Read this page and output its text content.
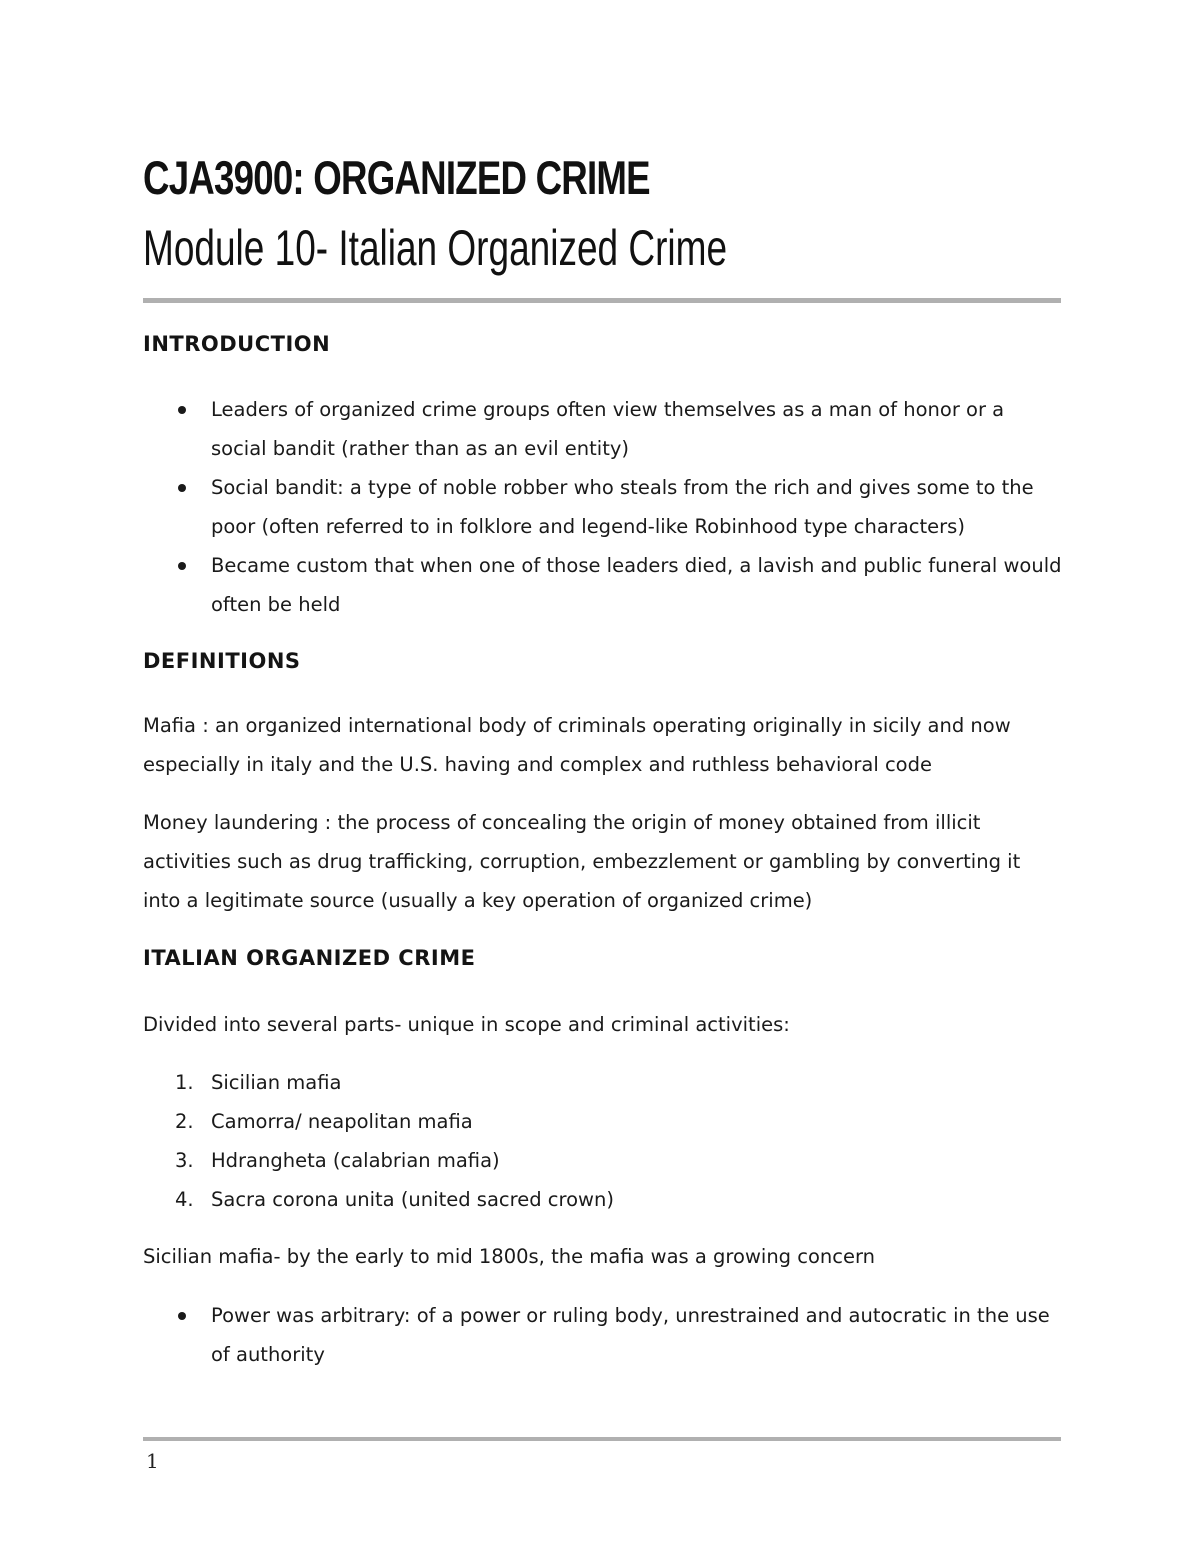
CJA3900: ORGANIZED CRIME
Module 10- Italian Organized Crime
INTRODUCTION
Leaders of organized crime groups often view themselves as a man of honor or a social bandit (rather than as an evil entity)
Social bandit: a type of noble robber who steals from the rich and gives some to the poor (often referred to in folklore and legend-like Robinhood type characters)
Became custom that when one of those leaders died, a lavish and public funeral would often be held
DEFINITIONS
Mafia : an organized international body of criminals operating originally in sicily and now especially in italy and the U.S. having and complex and ruthless behavioral code
Money laundering : the process of concealing the origin of money obtained from illicit activities such as drug trafficking, corruption, embezzlement or gambling by converting it into a legitimate source (usually a key operation of organized crime)
ITALIAN ORGANIZED CRIME
Divided into several parts- unique in scope and criminal activities:
1. Sicilian mafia
2. Camorra/ neapolitan mafia
3. Hdrangheta (calabrian mafia)
4. Sacra corona unita (united sacred crown)
Sicilian mafia- by the early to mid 1800s, the mafia was a growing concern
Power was arbitrary: of a power or ruling body, unrestrained and autocratic in the use of authority
1
